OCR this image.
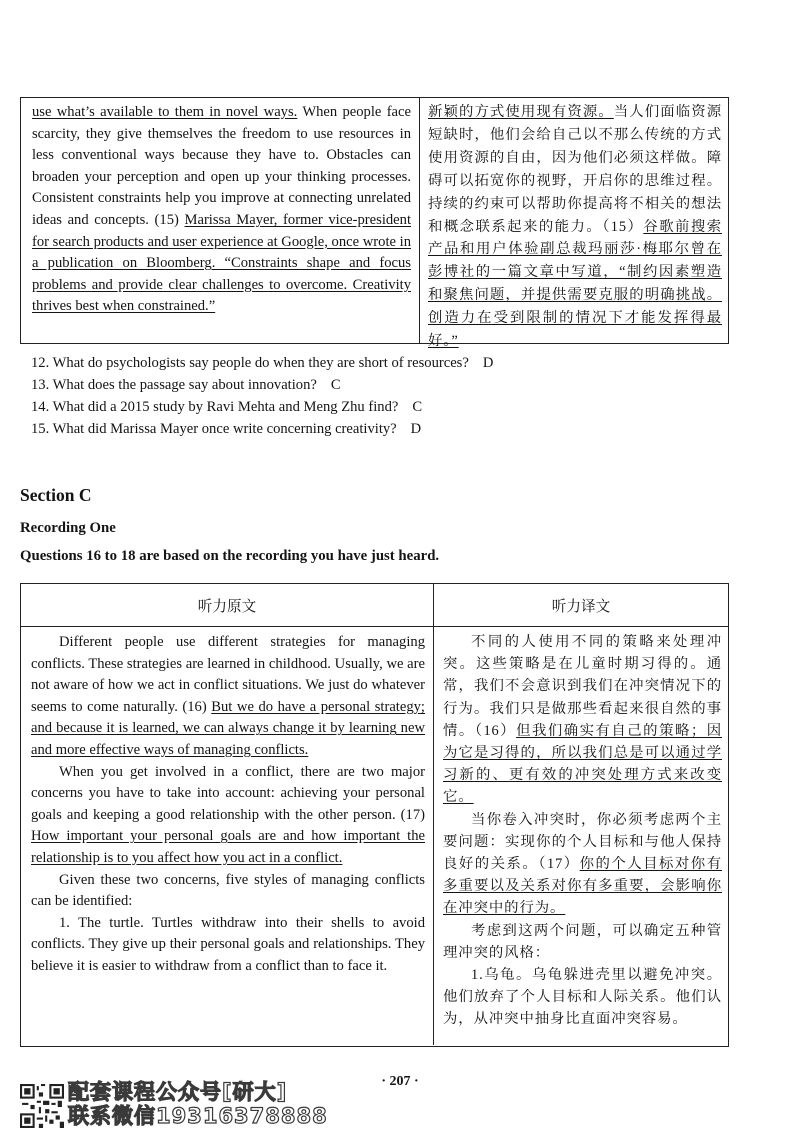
use what’s available to them in novel ways. When people face scarcity, they give themselves the freedom to use resources in less conventional ways because they have to. Obstacles can broaden your perception and open up your thinking processes. Consistent constraints help you improve at connecting unrelated ideas and concepts. (15) Marissa Mayer, former vice-president for search products and user experience at Google, once wrote in a publication on Bloomberg. “Constraints shape and focus problems and provide clear challenges to overcome. Creativity thrives best when constrained.”

新颖的方式使用现有资源。当人们面临资源短缺时，他们会给自己以不那么传统的方式使用资源的自由，因为他们必须这样做。障碍可以拓宽你的视野，开启你的思维过程。持续的约束可以帮助你提高将不相关的想法和概念联系起来的能力。（15）谷歌前搜索产品和用户体验副总裁玛丽莎·梅耶尔曾在彭博社的一篇文章中写道，“制约因素塑造和聚焦问题，并提供需要克服的明确挑战。创造力在受到限制的情况下才能发挥得最好。”

12. What do psychologists say people do when they are short of resources? D
13. What does the passage say about innovation? C
14. What did a 2015 study by Ravi Mehta and Meng Zhu find? C
15. What did Marissa Mayer once write concerning creativity? D
Section C
Recording One

Questions 16 to 18 are based on the recording you have just heard.

听力原文	听力译文

Different people use different strategies for managing conflicts. These strategies are learned in childhood. Usually, we are not aware of how we act in conflict situations. We just do whatever seems to come naturally. (16) But we do have a personal strategy; and because it is learned, we can always change it by learning new and more effective ways of managing conflicts.

When you get involved in a conflict, there are two major concerns you have to take into account: achieving your personal goals and keeping a good relationship with the other person. (17) How important your personal goals are and how important the relationship is to you affect how you act in a conflict.

Given these two concerns, five styles of managing conflicts can be identified:

1. The turtle. Turtles withdraw into their shells to avoid conflicts. They give up their personal goals and relationships. They believe it is easier to withdraw from a conflict than to face it.

不同的人使用不同的策略来处理冲突。这些策略是在儿童时期习得的。通常，我们不会意识到我们在冲突情况下的行为。我们只是做那些看起来很自然的事情。（16）但我们确实有自己的策略；因为它是习得的，所以我们总是可以通过学习新的、更有效的冲突处理方式来改变它。

当你卷入冲突时，你必须考虑两个主要问题：实现你的个人目标和与他人保持良好的关系。（17）你的个人目标对你有多重要以及关系对你有多重要，会影响你在冲突中的行为。

考虑到这两个问题，可以确定五种管理冲突的风格：

1.乌龟。乌龟躲进壳里以避免冲突。他们放弃了个人目标和人际关系。他们认为，从冲突中抽身比直面冲突容易。

· 207 ·
配套课程公众号[研大]
联系微信19316378888
